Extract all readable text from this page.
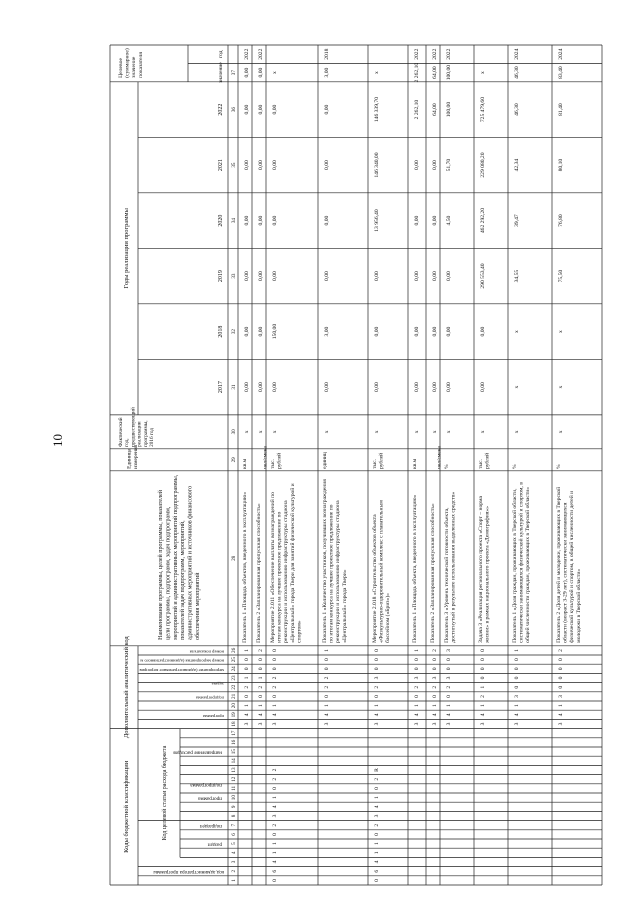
10
Коды бюджетной классификации
Дополнительный аналитический код
код администратора программы
раздел
подраздел
Код целевой статьи расхода бюджета	программа
подпрограмма
направление расходов
программа
подпрограмма
задача
мероприятие (административное мероприя
номер мероприятия (административного м
номер показателя
Наименование программы, целей программы, показателейцели программы, подпрограмм, задач подпрограмм,мероприятий и административных мероприятий подпрограммы,показателей задач подпрограмм, мероприятий,административных мероприятий и источников финансовогообеспечения мероприятий
Единицаизмерения
Фактическийгод,предшествующийреализациипрограммы,2016 год
Годы реализации программы
2017
2018
2019
2020
2021
2022
Целевое(суммарное)значениепоказателя	значение
год
1
2
3
4
5
6
7
8
9
10
11
12
13
14
15
16
17
18
19
20
21
22
23
24
25
26
28
29
30
31
32
33
34
35
36
37
3
4
1
0
2
1
0
0
1
Показатель 1 «Площадь объектов, введенного в эксплуатацию»
кв.м
х
0,00
0,00
0,00
0,00
0,00
0,00
0,00
2022
3
4
1
0
2
1
0
0
2
Показатель 2 «Запланированная пропускная способность»
чел/смена
х
0,00
0,00
0,00
0,00
0,00
0,00
0,00
2022
0
6
4
1
1
0
2
3
4
1
0
2
2
3
4
1
0
2
2
0
0
0
Мероприятие 2.011 «Обеспечение выплаты вознаграждений поитогам конкурса на лучшее проектное предложение пореконструкции и использованию инфраструктуры стадиона«Центральный» города Твери для занятий физической культурой испортом»
тыс.рублей
х
0,00
150,00
0,00
0,00
0,00
0,00
х
3
4
1
0
2
2
0
0
1
Показатель 1 «Количество участников, получивших вознагражденияпо итогам конкурса на лучшее проектное предложение пореконструкции и использованию инфраструктуры стадиона«Центральный» города Твери»
единиц
х
0,00
3,00
0,00
0,00
0,00
0,00
3,00
2018
0
6
4
1
1
0
2
3
4
1
0
2
R
3
4
1
0
2
3
0
0
0
Мероприятие 2.018 «Строительство объектов объекта«Физкультурно-оздоровительный комплекс с плавательнымбассейном («Бриз»)»
тыс.рублей
х
0,00
0,00
0,00
13 956,40
146 340,00
146 339,70
х
3
4
1
0
2
3
0
0
1
Показатель 1 «Площадь объекта, введенного в эксплуатацию»
кв.м
х
0,00
0,00
0,00
0,00
0,00
2 262,10
2 262,10
2022
3
4
1
0
2
3
0
0
2
Показатель 2 «Запланированная пропускная способность»
чел/смена
х
0,00
0,00
0,00
0,00
0,00
64,00
64,00
2022
3
4
1
0
2
3
0
0
3
Показатель 3 «Уровень технической готовности объекта,достигнутый в результате использования выделенных средств»
%
х
0,00
0,00
0,00
4,50
51,70
100,00
100,00
2022
3
4
1
2
1
0
0
0
0
Задача 3 «Реализация регионального проекта «Спорт – нормажизни» в рамках национального проекта «Демография»»
тыс.рублей
х
0,00
0,00
290 553,40
462 292,20
229 080,20
725 479,60
х
3
4
1
3
0
0
0
0
1
Показатель 1 «Доля граждан, проживающих в Тверской области,систематически занимающихся физической культурой и спортом, вобщей численности граждан, проживающих в Тверской области»
%
х
х
х
34,55
39,47
42,34
46,30
46,30
2024
3
4
1
3
0
0
0
0
2
Показатель 2 «Доля детей и молодежи, проживающих в Тверскойобласти (возраст 3-29 лет), систематически занимающихсяфизической культурой и спортом, в общей численности детей имолодежи в Тверской области»
%
х
х
х
75,50
76,80
80,10
81,40
83,40
2024
